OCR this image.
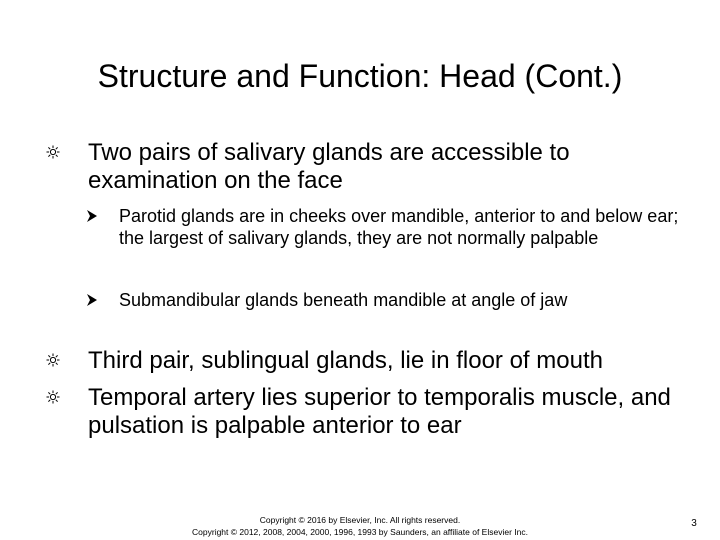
Structure and Function: Head (Cont.)
Two pairs of salivary glands are accessible to examination on the face
Parotid glands are in cheeks over mandible, anterior to and below ear; the largest of salivary glands, they are not normally palpable
Submandibular glands beneath mandible at angle of jaw
Third pair, sublingual glands, lie in floor of mouth
Temporal artery lies superior to temporalis muscle, and pulsation is palpable anterior to ear
Copyright © 2016 by Elsevier, Inc. All rights reserved.
Copyright © 2012, 2008, 2004, 2000, 1996, 1993 by Saunders, an affiliate of Elsevier Inc.
3
